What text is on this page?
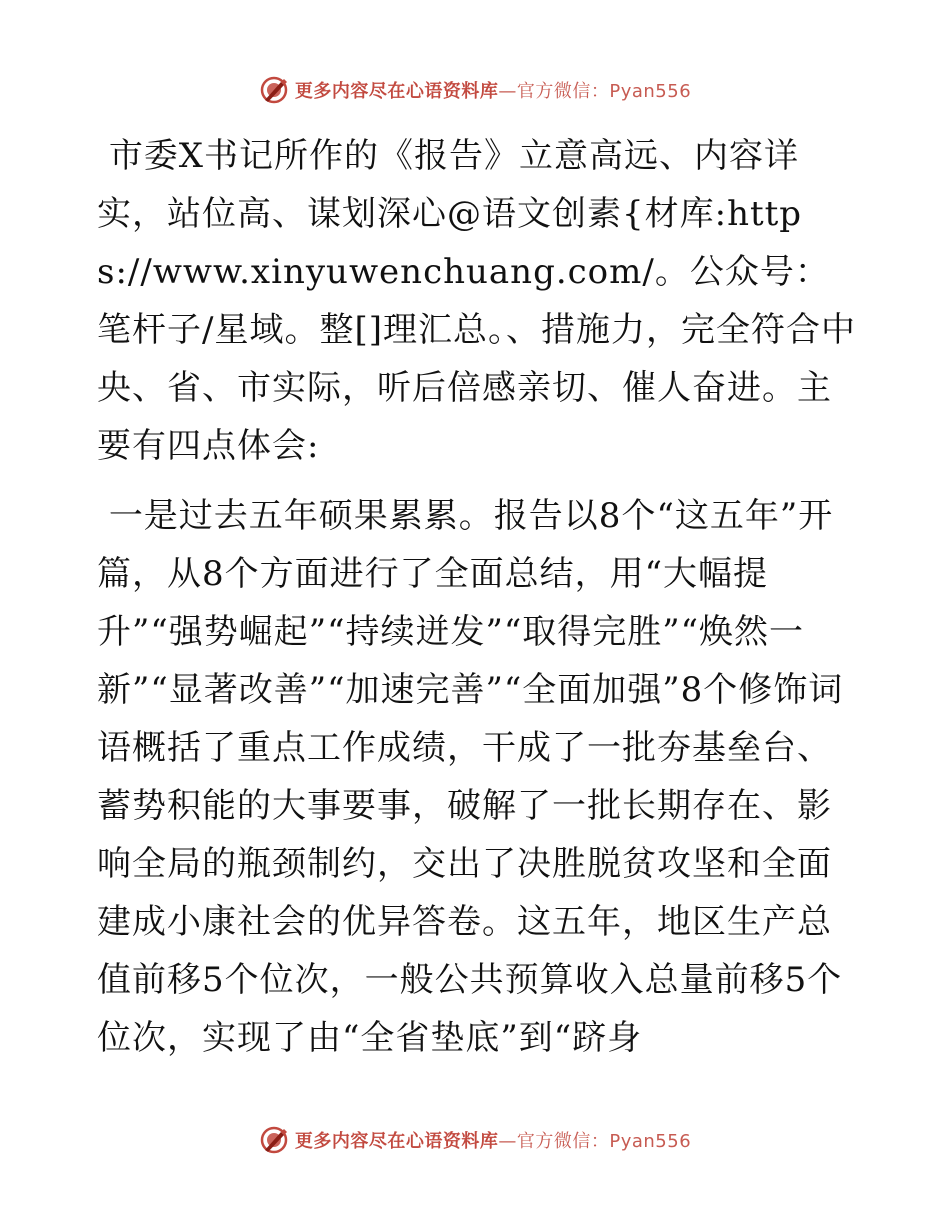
更多内容尽在心语资料库—官方微信：Pyan556

市委X书记所作的《报告》立意高远、内容详实，站位高、谋划深心@语文创素{材库:https://www.xinyuwenchuang.com/。公众号：笔杆子/星域。整[]理汇总。、措施力，完全符合中央、省、市实际，听后倍感亲切、催人奋进。主要有四点体会:

一是过去五年硕果累累。报告以8个“这五年”开篇，从8个方面进行了全面总结，用“大幅提升”“强势崛起”“持续迸发”“取得完胜”“焕然一新”“显著改善”“加速完善”“全面加强”8个修饰词语概括了重点工作成绩，干成了一批夯基垒台、蓄势积能的大事要事，破解了一批长期存在、影响全局的瓶颈制约，交出了决胜脱贫攻坚和全面建成小康社会的优异答卷。这五年，地区生产总值前移5个位次，一般公共预算收入总量前移5个位次，实现了由“全省垫底”到“跻身

更多内容尽在心语资料库—官方微信：Pyan556
